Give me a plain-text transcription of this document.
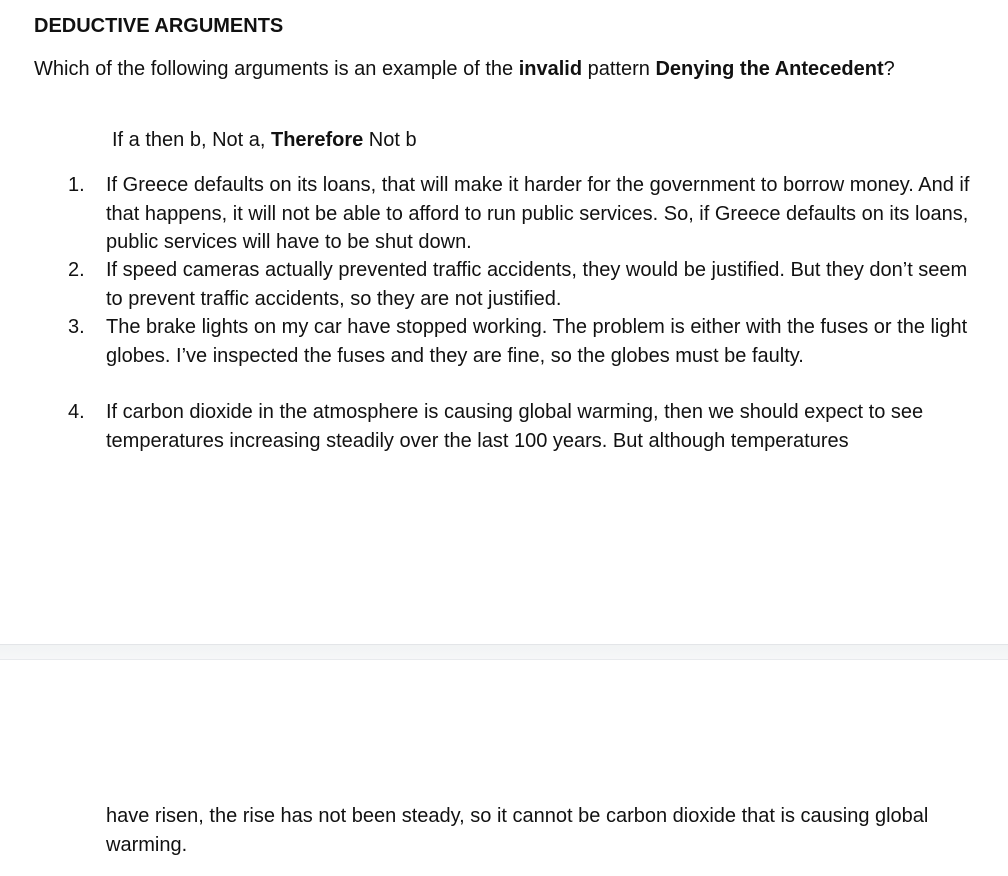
DEDUCTIVE ARGUMENTS

Which of the following arguments is an example of the invalid pattern Denying the Antecedent?

If a then b, Not a, Therefore Not b

1.	If Greece defaults on its loans, that will make it harder for the government to borrow money. And if that happens, it will not be able to afford to run public services. So, if Greece defaults on its loans, public services will have to be shut down.
2.	If speed cameras actually prevented traffic accidents, they would be justified. But they don’t seem to prevent traffic accidents, so they are not justified.
3.	The brake lights on my car have stopped working. The problem is either with the fuses or the light globes. I’ve inspected the fuses and they are fine, so the globes must be faulty.
4.	If carbon dioxide in the atmosphere is causing global warming, then we should expect to see temperatures increasing steadily over the last 100 years. But although temperatures
have risen, the rise has not been steady, so it cannot be carbon dioxide that is causing global warming.
